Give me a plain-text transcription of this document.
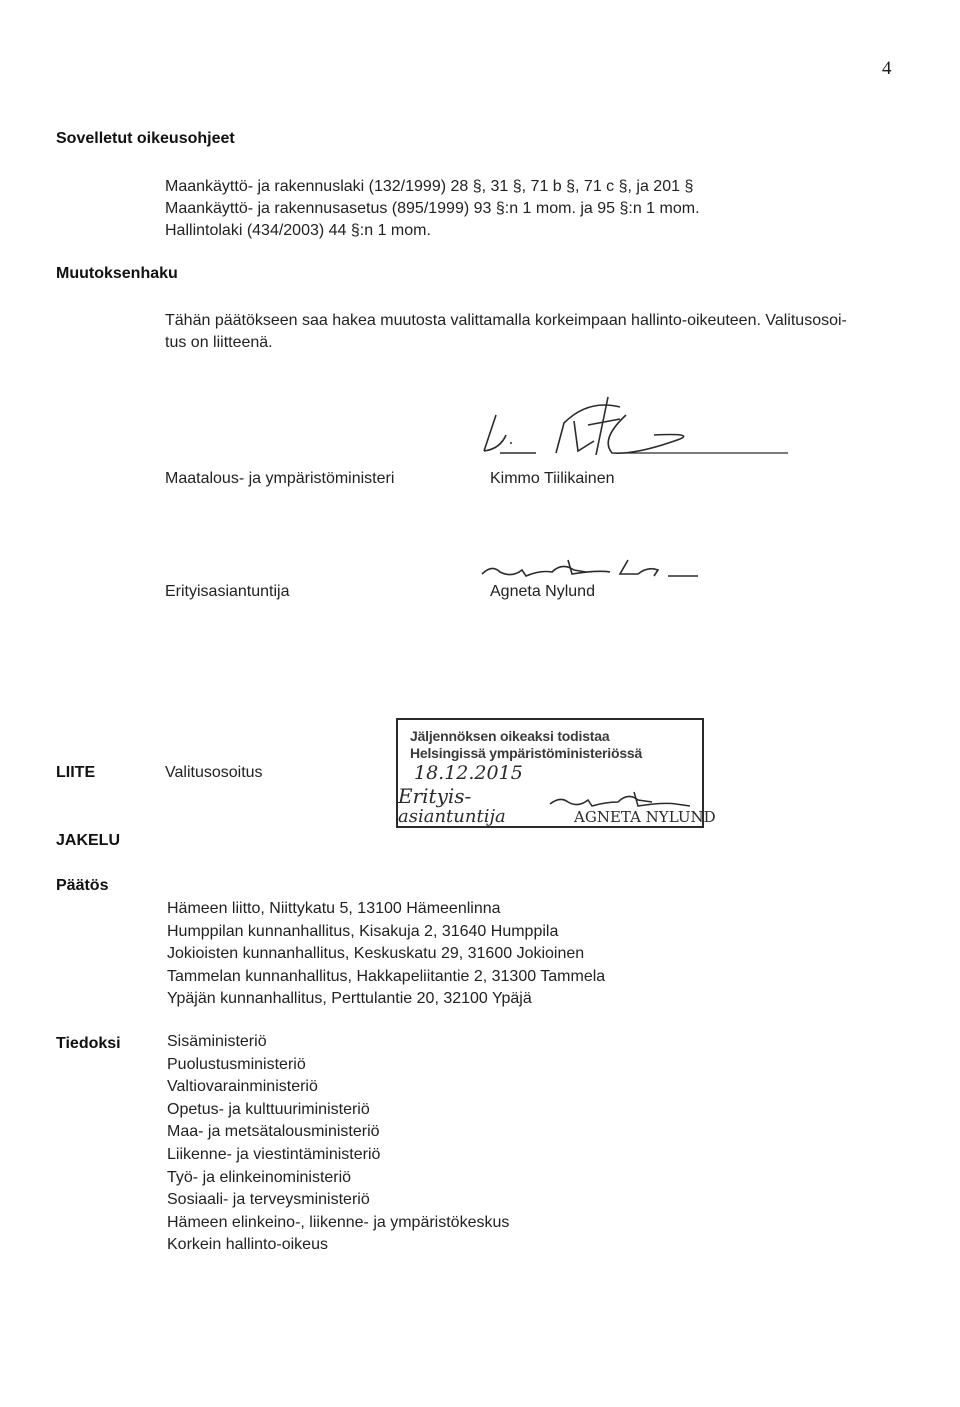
4
Sovelletut oikeusohjeet
Maankäyttö- ja rakennuslaki (132/1999) 28 §, 31 §, 71 b §, 71 c §, ja 201 §
Maankäyttö- ja rakennusasetus (895/1999) 93 §:n 1 mom. ja 95 §:n 1 mom.
Hallintolaki (434/2003) 44 §:n 1 mom.
Muutoksenhaku
Tähän päätökseen saa hakea muutosta valittamalla korkeimpaan hallinto-oikeuteen. Valitusosoi-
tus on liitteenä.
Maatalous- ja ympäristöministeri	Kimmo Tiilikainen
Erityisasiantuntija	Agneta Nylund
LIITE	Valitusosoitus
Jäljennöksen oikeaksi todistaa
Helsingissä ympäristöministeriössä
18.12.2015
Erityis-
asiantuntija	AGNETA NYLUND
JAKELU
Päätös
Hämeen liitto, Niittykatu 5, 13100 Hämeenlinna
Humppilan kunnanhallitus, Kisakuja 2, 31640 Humppila
Jokioisten kunnanhallitus, Keskuskatu 29, 31600 Jokioinen
Tammelan kunnanhallitus, Hakkapeliitantie 2, 31300 Tammela
Ypäjän kunnanhallitus, Perttulantie 20, 32100 Ypäjä
Tiedoksi	Sisäministeriö
Puolustusministeriö
Valtiovarainministeriö
Opetus- ja kulttuuriministeriö
Maa- ja metsätalousministeriö
Liikenne- ja viestintäministeriö
Työ- ja elinkeinoministeriö
Sosiaali- ja terveysministeriö
Hämeen elinkeino-, liikenne- ja ympäristökeskus
Korkein hallinto-oikeus
